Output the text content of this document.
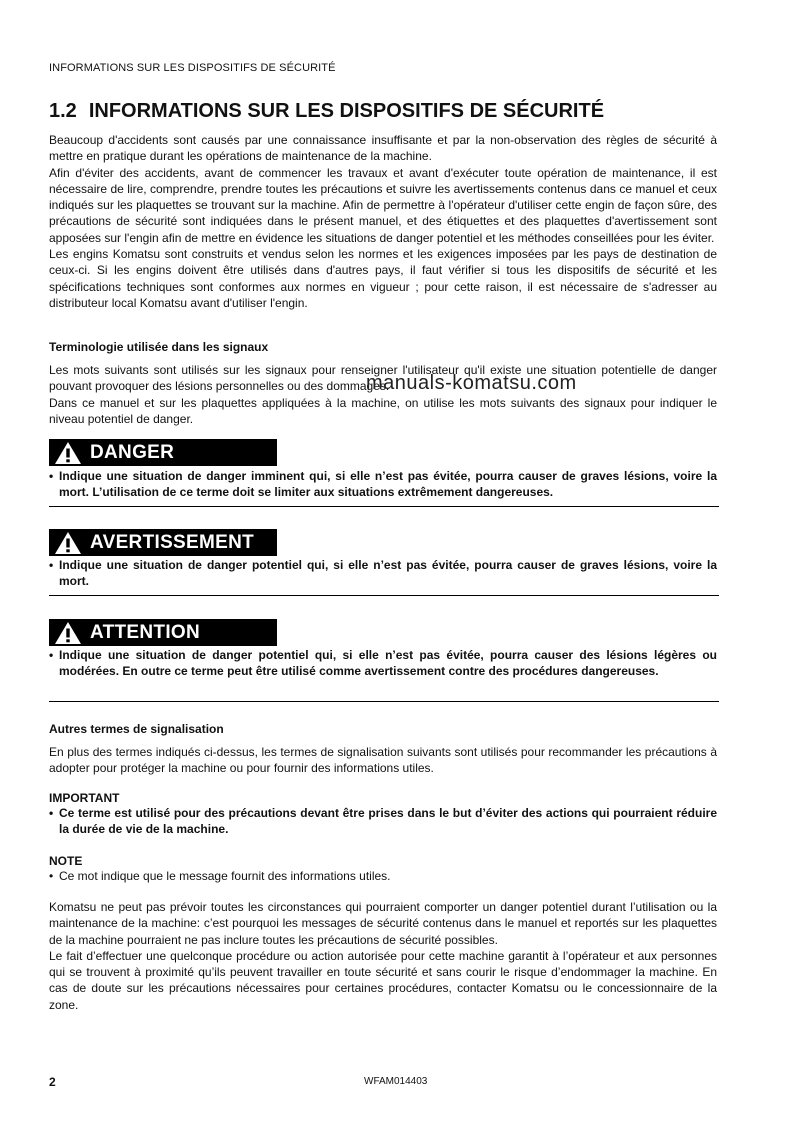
INFORMATIONS SUR LES DISPOSITIFS DE SÉCURITÉ
1.2 INFORMATIONS SUR LES DISPOSITIFS DE SÉCURITÉ

Beaucoup d'accidents sont causés par une connaissance insuffisante et par la non-observation des règles de sécurité à mettre en pratique durant les opérations de maintenance de la machine.

Afin d'éviter des accidents, avant de commencer les travaux et avant d'exécuter toute opération de maintenance, il est nécessaire de lire, comprendre, prendre toutes les précautions et suivre les avertissements contenus dans ce manuel et ceux indiqués sur les plaquettes se trouvant sur la machine. Afin de permettre à l'opérateur d'utiliser cette engin de façon sûre, des précautions de sécurité sont indiquées dans le présent manuel, et des étiquettes et des plaquettes d'avertissement sont apposées sur l'engin afin de mettre en évidence les situations de danger potentiel et les méthodes conseillées pour les éviter.

Les engins Komatsu sont construits et vendus selon les normes et les exigences imposées par les pays de destination de ceux-ci. Si les engins doivent être utilisés dans d'autres pays, il faut vérifier si tous les dispositifs de sécurité et les spécifications techniques sont conformes aux normes en vigueur ; pour cette raison, il est nécessaire de s'adresser au distributeur local Komatsu avant d'utiliser l'engin.

Terminologie utilisée dans les signaux

Les mots suivants sont utilisés sur les signaux pour renseigner l'utilisateur qu'il existe une situation potentielle de danger pouvant provoquer des lésions personnelles ou des dommages.

Dans ce manuel et sur les plaquettes appliquées à la machine, on utilise les mots suivants des signaux pour indiquer le niveau potentiel de danger.

DANGER
• Indique une situation de danger imminent qui, si elle n’est pas évitée, pourra causer de graves lésions, voire la mort. L’utilisation de ce terme doit se limiter aux situations extrêmement dangereuses.
AVERTISSEMENT
• Indique une situation de danger potentiel qui, si elle n’est pas évitée, pourra causer de graves lésions, voire la mort.
ATTENTION
• Indique une situation de danger potentiel qui, si elle n’est pas évitée, pourra causer des lésions légères ou modérées. En outre ce terme peut être utilisé comme avertissement contre des procédures dangereuses.
Autres termes de signalisation

En plus des termes indiqués ci-dessus, les termes de signalisation suivants sont utilisés pour recommander les précautions à adopter pour protéger la machine ou pour fournir des informations utiles.

IMPORTANT
• Ce terme est utilisé pour des précautions devant être prises dans le but d’éviter des actions qui pourraient réduire la durée de vie de la machine.
NOTE
• Ce mot indique que le message fournit des informations utiles.

Komatsu ne peut pas prévoir toutes les circonstances qui pourraient comporter un danger potentiel durant l’utilisation ou la maintenance de la machine: c’est pourquoi les messages de sécurité contenus dans le manuel et reportés sur les plaquettes de la machine pourraient ne pas inclure toutes les précautions de sécurité possibles.

Le fait d’effectuer une quelconque procédure ou action autorisée pour cette machine garantit à l’opérateur et aux personnes qui se trouvent à proximité qu’ils peuvent travailler en toute sécurité et sans courir le risque d’endommager la machine. En cas de doute sur les précautions nécessaires pour certaines procédures, contacter Komatsu ou le concessionnaire de la zone.

manuals-komatsu.com
2	WFAM014403
